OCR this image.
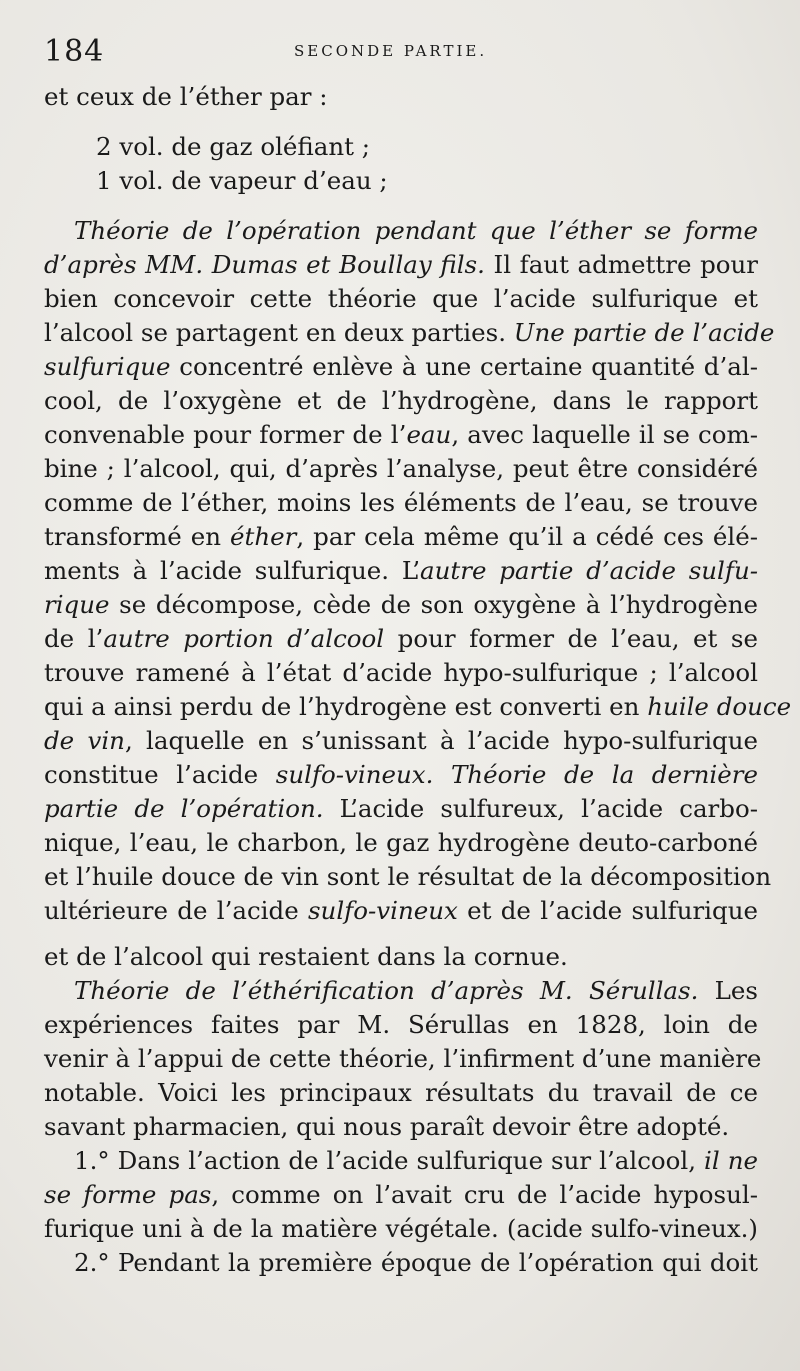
184	SECONDE PARTIE.
et ceux de l’éther par :
2 vol. de gaz oléfiant ;
1 vol. de vapeur d’eau ;
Théorie de l’opération pendant que l’éther se forme
d’après MM. Dumas et Boullay fils. Il faut admettre pour
bien concevoir cette théorie que l’acide sulfurique et
l’alcool se partagent en deux parties. Une partie de l’acide
sulfurique concentré enlève à une certaine quantité d’al-
cool, de l’oxygène et de l’hydrogène, dans le rapport
convenable pour former de l’eau, avec laquelle il se com-
bine ; l’alcool, qui, d’après l’analyse, peut être considéré
comme de l’éther, moins les éléments de l’eau, se trouve
transformé en éther, par cela même qu’il a cédé ces élé-
ments à l’acide sulfurique. L’autre partie d’acide sulfu-
rique se décompose, cède de son oxygène à l’hydrogène
de l’autre portion d’alcool pour former de l’eau, et se
trouve ramené à l’état d’acide hypo-sulfurique ; l’alcool
qui a ainsi perdu de l’hydrogène est converti en huile douce
de vin, laquelle en s’unissant à l’acide hypo-sulfurique
constitue l’acide sulfo-vineux. Théorie de la dernière
partie de l’opération. L’acide sulfureux, l’acide carbo-
nique, l’eau, le charbon, le gaz hydrogène deuto-carboné
et l’huile douce de vin sont le résultat de la décomposition
ultérieure de l’acide sulfo-vineux et de l’acide sulfurique
et de l’alcool qui restaient dans la cornue.
Théorie de l’éthérification d’après M. Sérullas. Les
expériences faites par M. Sérullas en 1828, loin de
venir à l’appui de cette théorie, l’infirment d’une manière
notable. Voici les principaux résultats du travail de ce
savant pharmacien, qui nous paraît devoir être adopté.
1.° Dans l’action de l’acide sulfurique sur l’alcool, il ne
se forme pas, comme on l’avait cru de l’acide hyposul-
furique uni à de la matière végétale. (acide sulfo-vineux.)
2.° Pendant la première époque de l’opération qui doit
